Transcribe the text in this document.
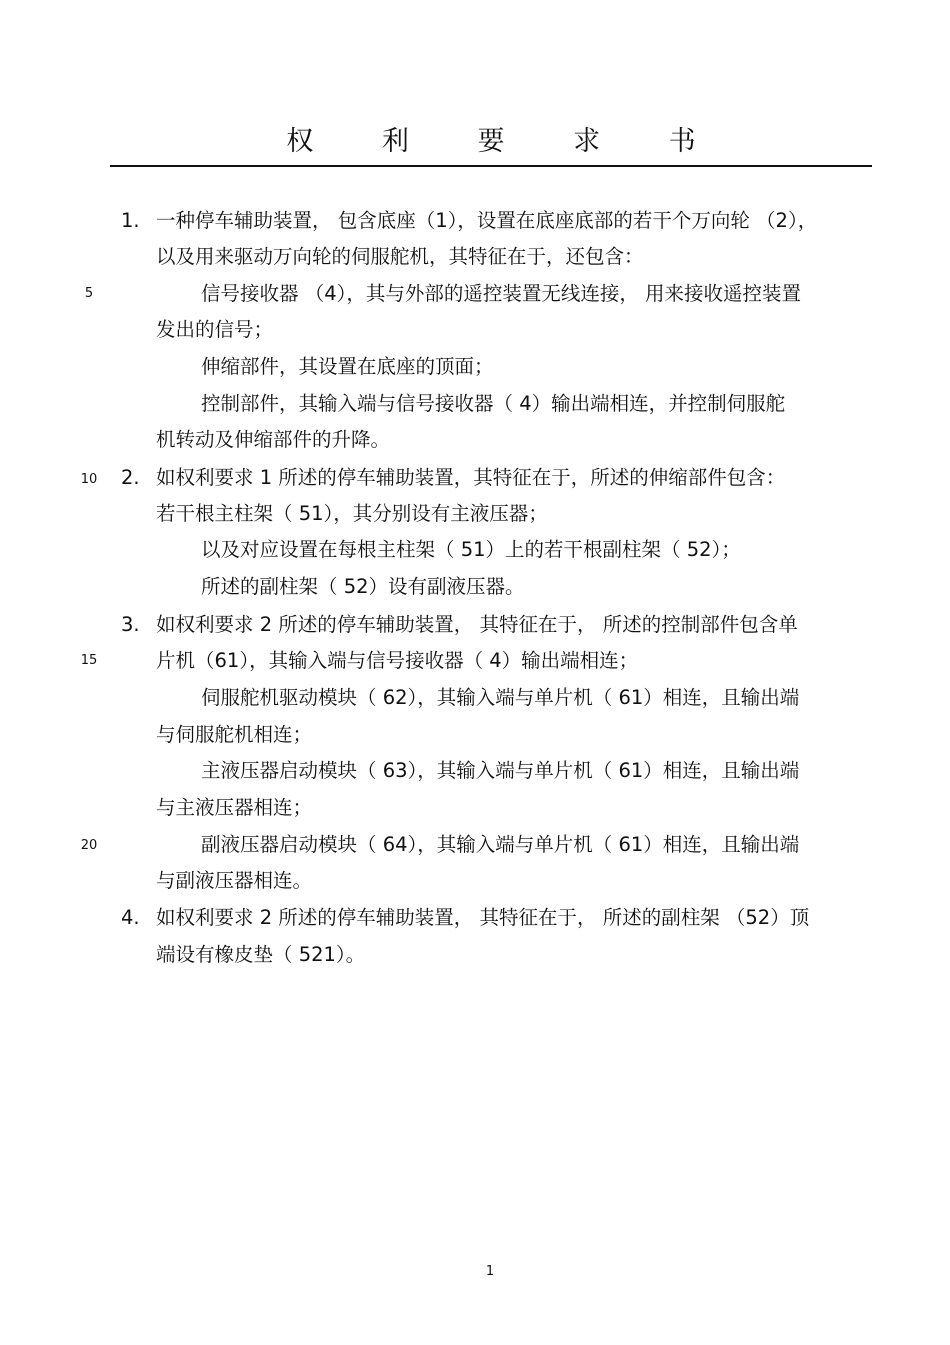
权 利 要 求 书
5
10
15
20
1. 一种停车辅助装置， 包含底座（1），设置在底座底部的若干个万向轮 （2），
以及用来驱动万向轮的伺服舵机，其特征在于，还包含：
信号接收器 （4），其与外部的遥控装置无线连接， 用来接收遥控装置
发出的信号；
伸缩部件，其设置在底座的顶面；
控制部件，其输入端与信号接收器（ 4）输出端相连，并控制伺服舵
机转动及伸缩部件的升降。
2. 如权利要求 1 所述的停车辅助装置，其特征在于，所述的伸缩部件包含：
若干根主柱架（ 51），其分别设有主液压器；
以及对应设置在每根主柱架（ 51）上的若干根副柱架（ 52）；
所述的副柱架（ 52）设有副液压器。
3. 如权利要求 2 所述的停车辅助装置， 其特征在于， 所述的控制部件包含单
片机（61），其输入端与信号接收器（ 4）输出端相连；
伺服舵机驱动模块（ 62），其输入端与单片机（ 61）相连，且输出端
与伺服舵机相连；
主液压器启动模块（ 63），其输入端与单片机（ 61）相连，且输出端
与主液压器相连；
副液压器启动模块（ 64），其输入端与单片机（ 61）相连，且输出端
与副液压器相连。
4. 如权利要求 2 所述的停车辅助装置， 其特征在于， 所述的副柱架 （52）顶
端设有橡皮垫（ 521）。
1
